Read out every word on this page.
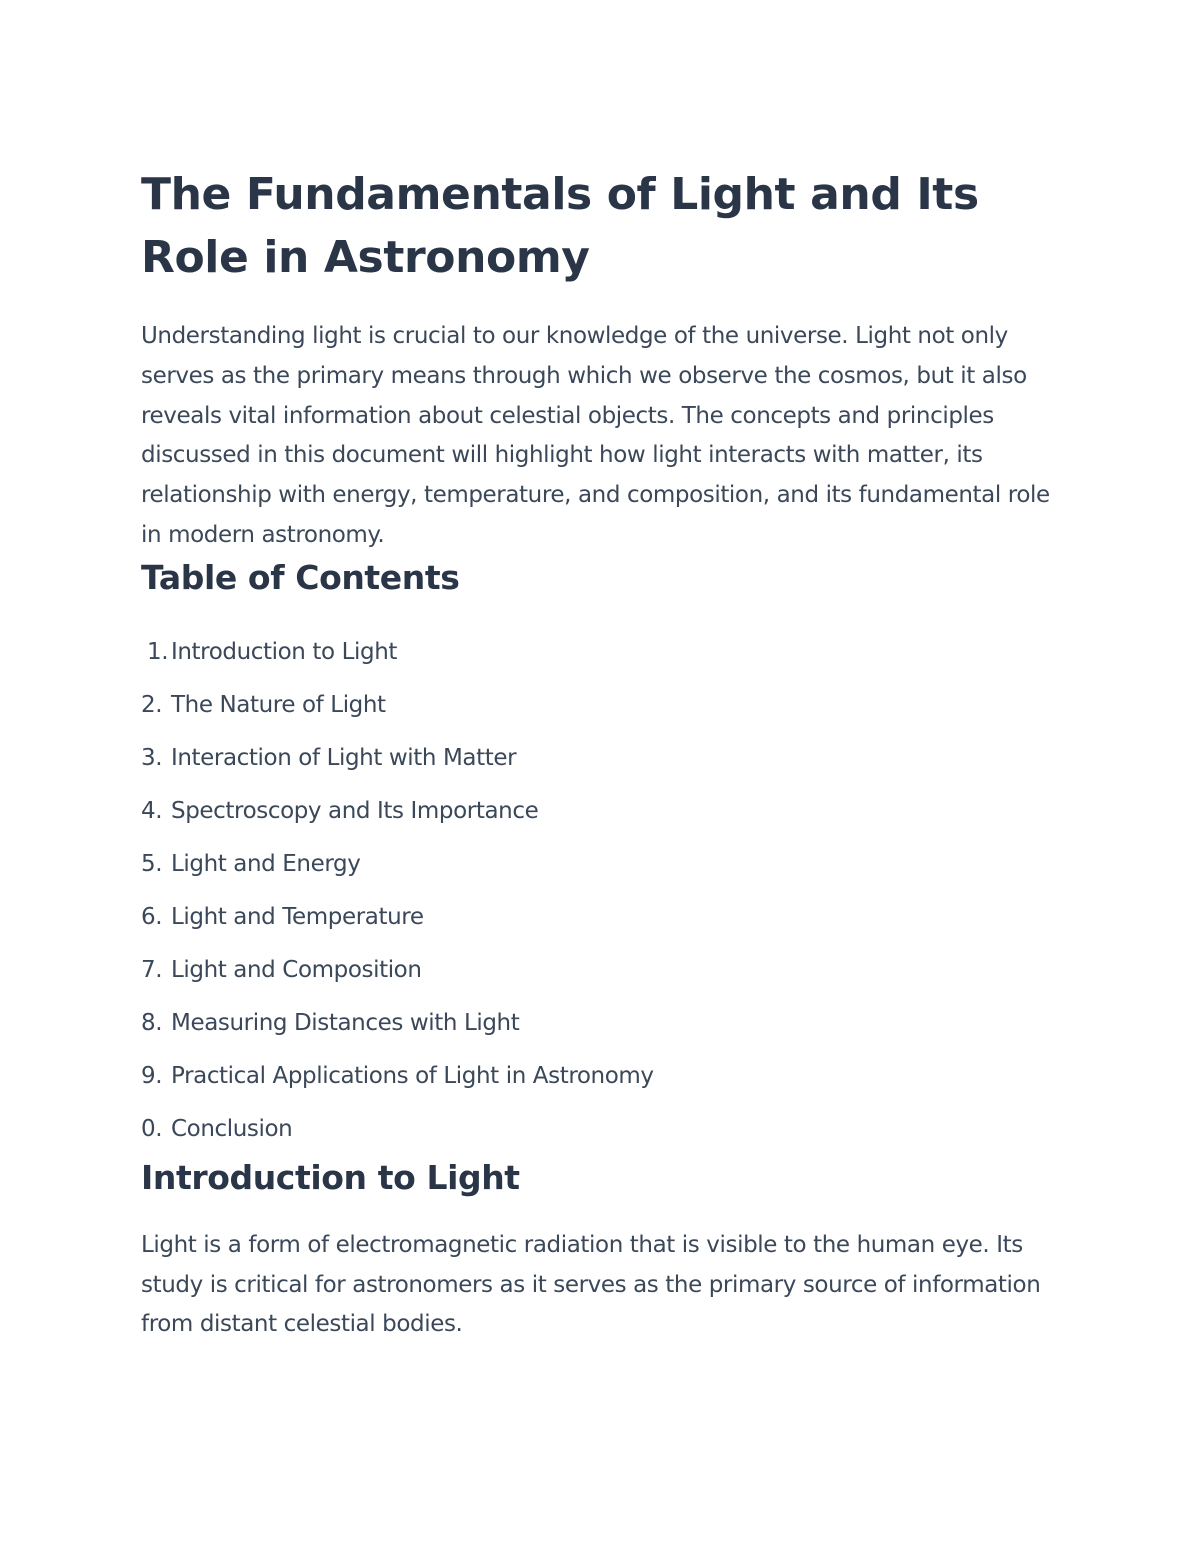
The Fundamentals of Light and Its Role in Astronomy

Understanding light is crucial to our knowledge of the universe. Light not only serves as the primary means through which we observe the cosmos, but it also reveals vital information about celestial objects. The concepts and principles discussed in this document will highlight how light interacts with matter, its relationship with energy, temperature, and composition, and its fundamental role in modern astronomy.

Table of Contents
1. Introduction to Light
2. The Nature of Light
3. Interaction of Light with Matter
4. Spectroscopy and Its Importance
5. Light and Energy
6. Light and Temperature
7. Light and Composition
8. Measuring Distances with Light
9. Practical Applications of Light in Astronomy
0. Conclusion
Introduction to Light

Light is a form of electromagnetic radiation that is visible to the human eye. Its study is critical for astronomers as it serves as the primary source of information from distant celestial bodies.
